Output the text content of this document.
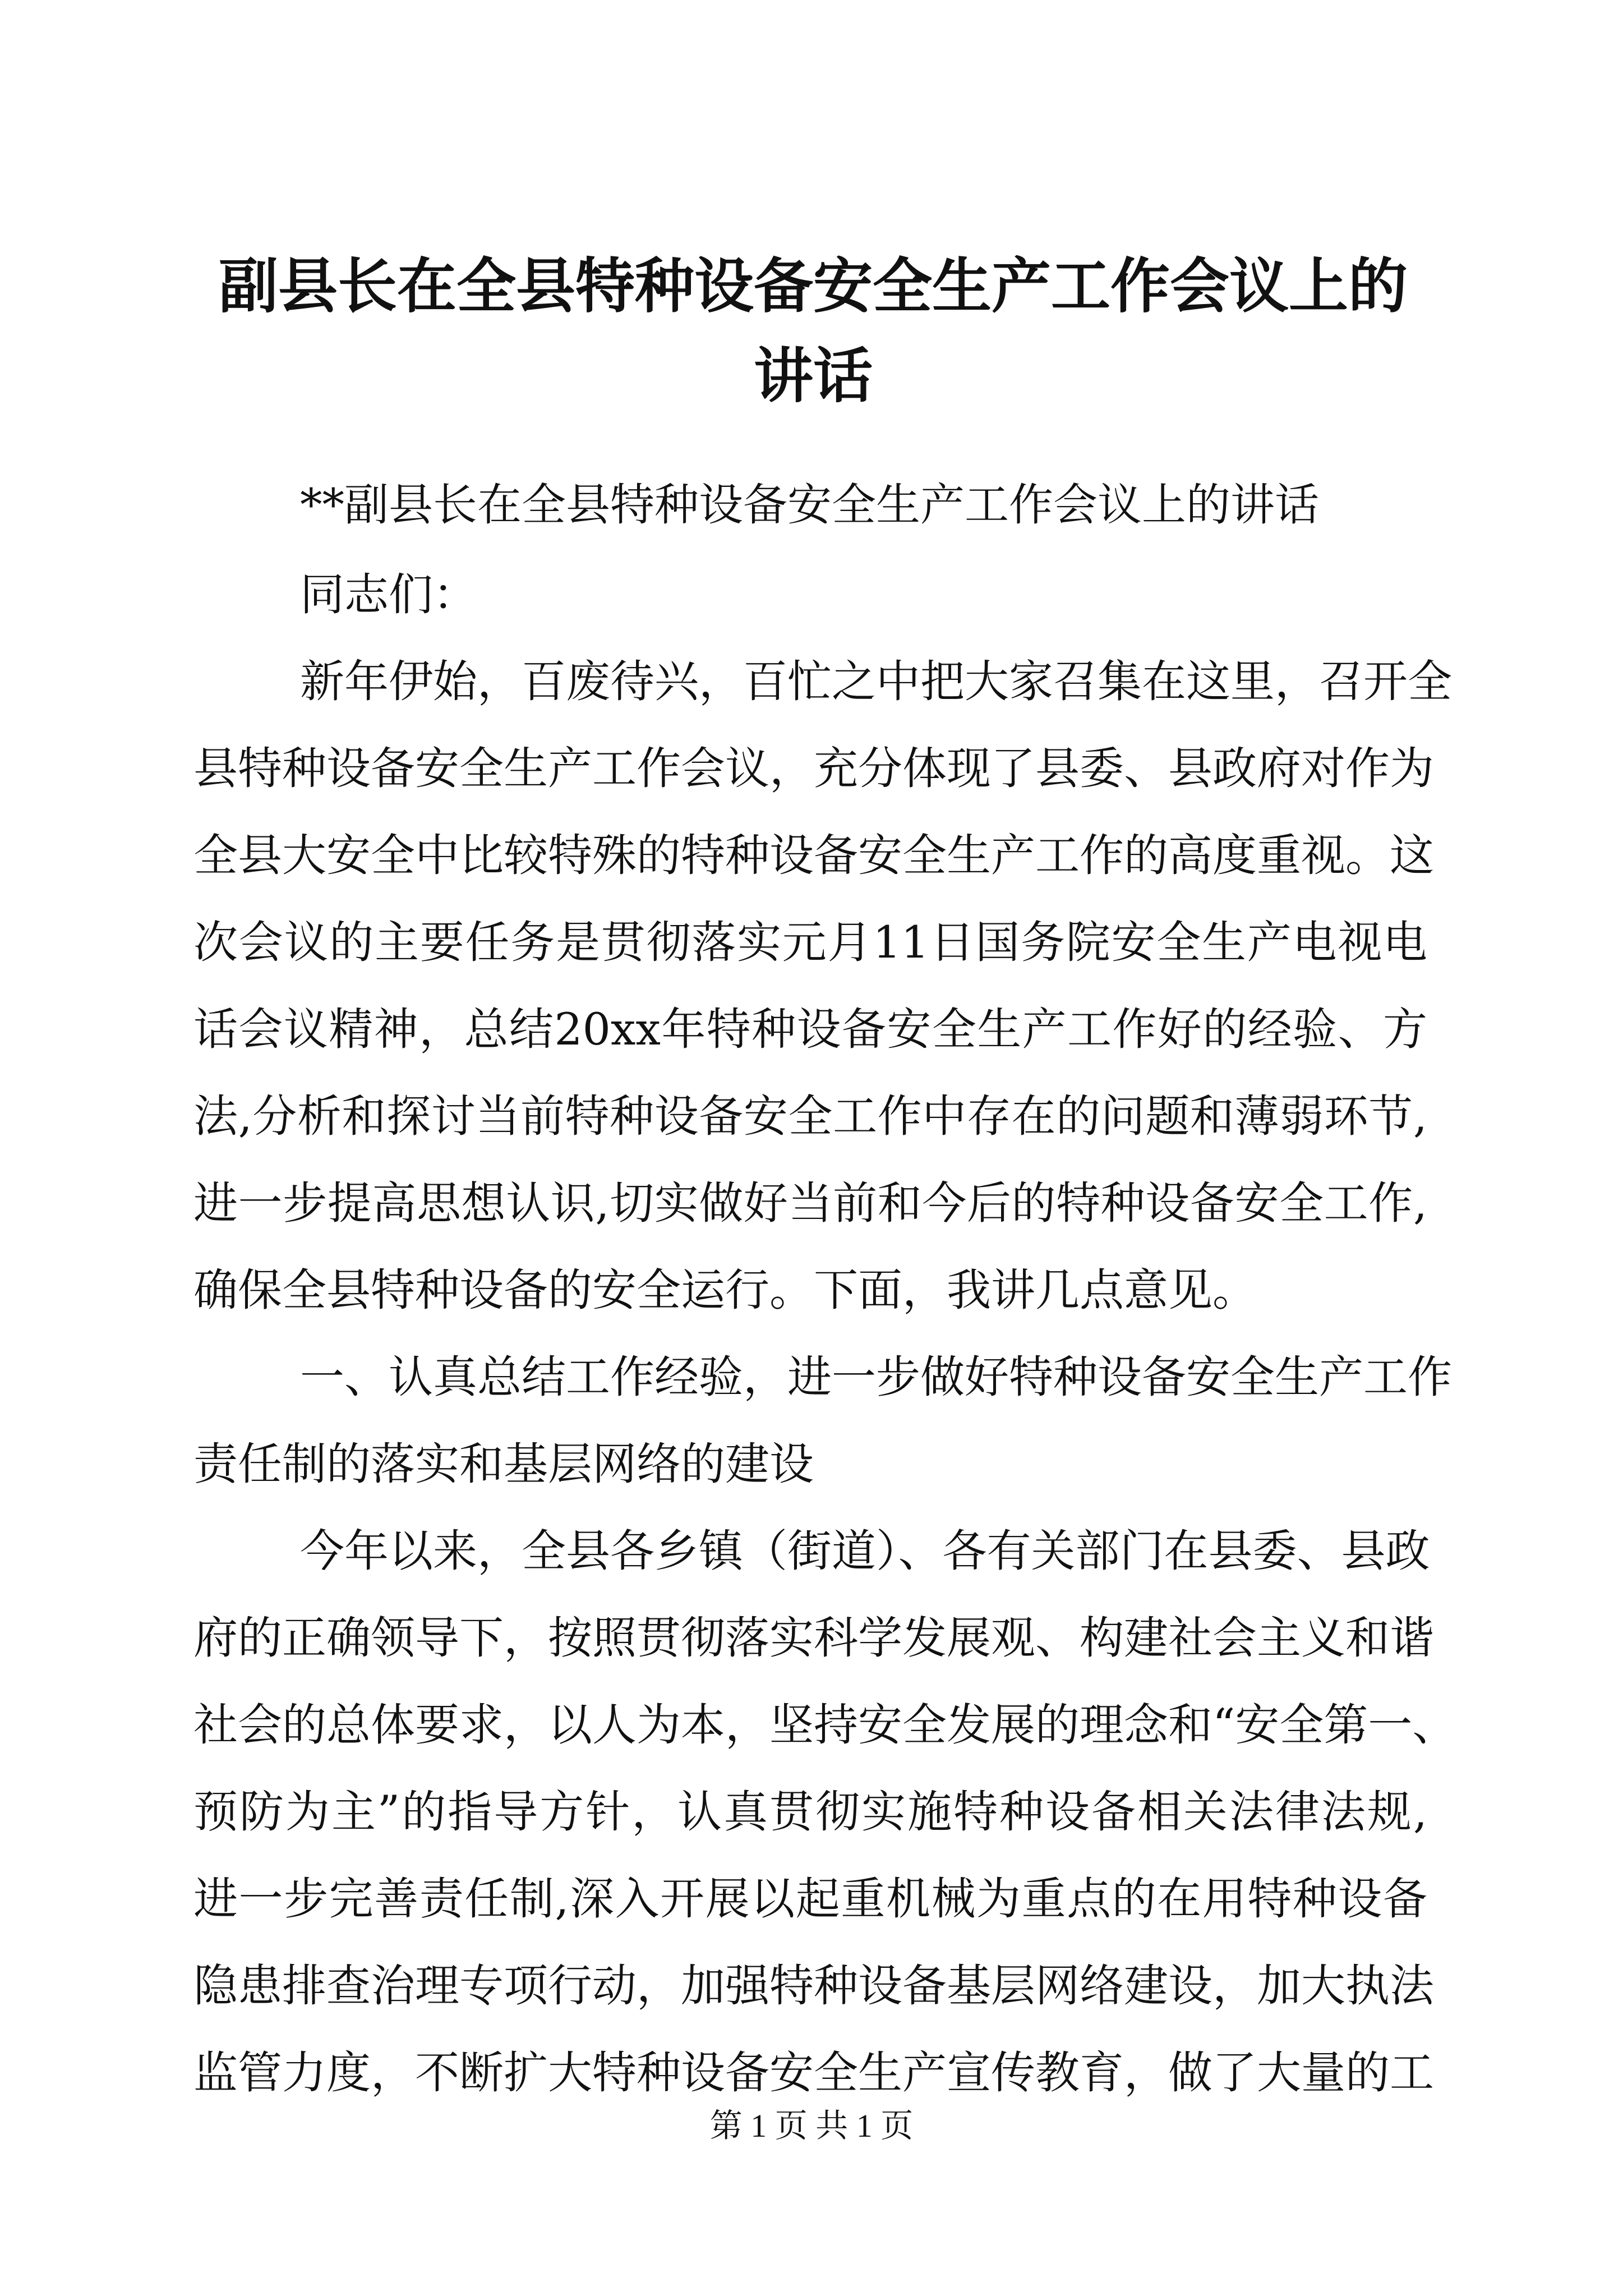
副县长在全县特种设备安全生产工作会议上的
讲话

**副县长在全县特种设备安全生产工作会议上的讲话

同志们：

新年伊始，百废待兴，百忙之中把大家召集在这里，召开全

县特种设备安全生产工作会议，充分体现了县委、县政府对作为

全县大安全中比较特殊的特种设备安全生产工作的高度重视。这

次会议的主要任务是贯彻落实元月11日国务院安全生产电视电

话会议精神，总结20xx年特种设备安全生产工作好的经验、方

法,分析和探讨当前特种设备安全工作中存在的问题和薄弱环节,

进一步提高思想认识,切实做好当前和今后的特种设备安全工作,

确保全县特种设备的安全运行。下面，我讲几点意见。

一、认真总结工作经验，进一步做好特种设备安全生产工作

责任制的落实和基层网络的建设

今年以来，全县各乡镇（街道）、各有关部门在县委、县政

府的正确领导下，按照贯彻落实科学发展观、构建社会主义和谐

社会的总体要求，以人为本，坚持安全发展的理念和“安全第一、

预防为主”的指导方针，认真贯彻实施特种设备相关法律法规,

进一步完善责任制,深入开展以起重机械为重点的在用特种设备

隐患排查治理专项行动，加强特种设备基层网络建设，加大执法

监管力度，不断扩大特种设备安全生产宣传教育，做了大量的工

第 1 页 共 1 页
